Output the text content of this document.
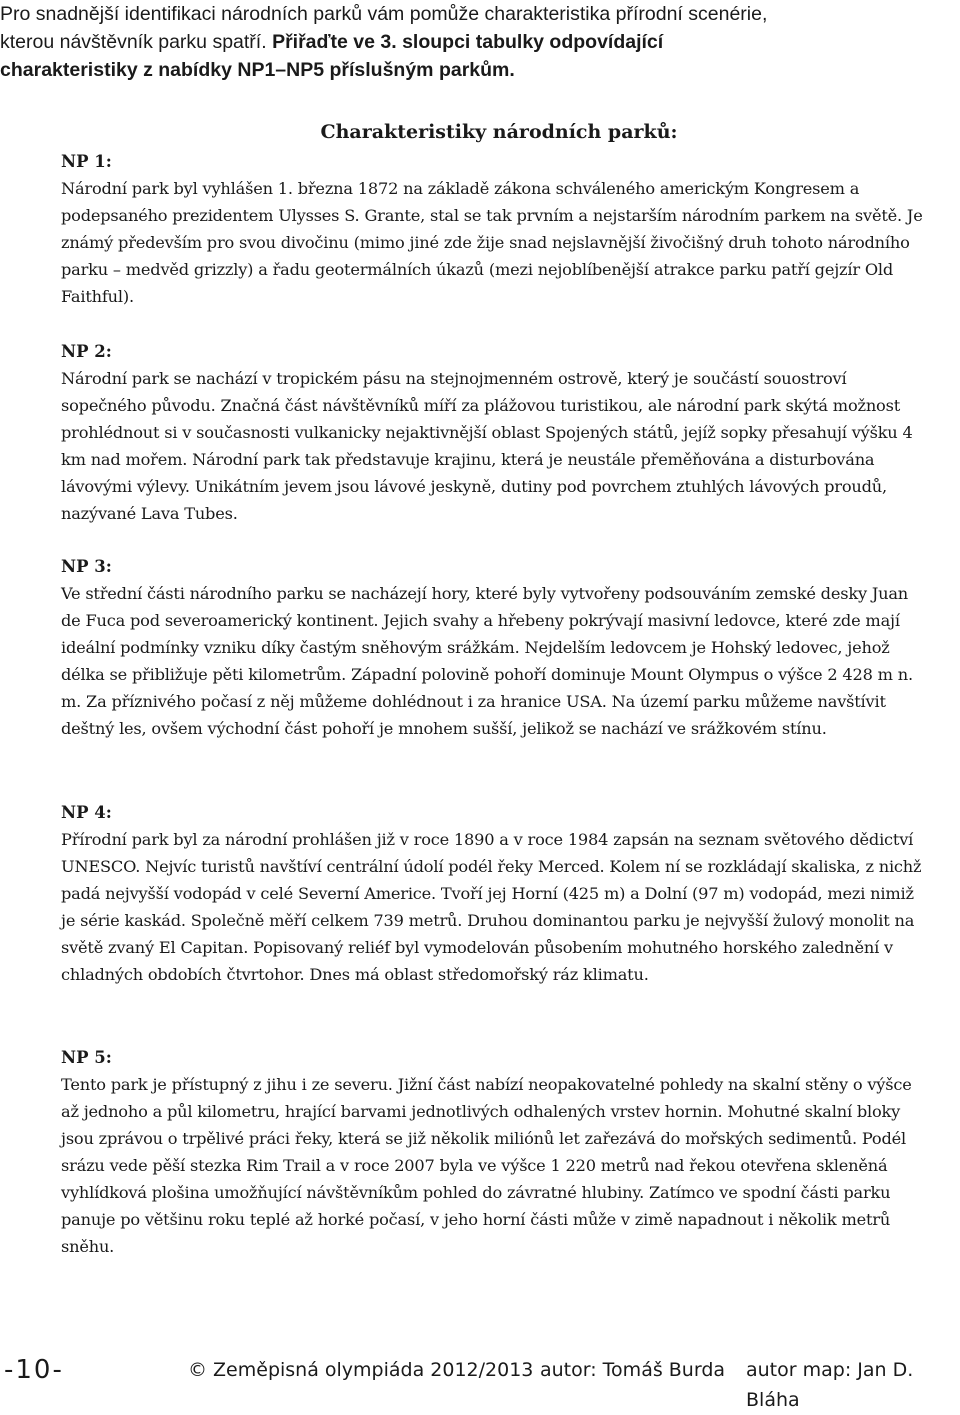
Pro snadnější identifikaci národních parků vám pomůže charakteristika přírodní scenérie,
kterou návštěvník parku spatří. Přiřaďte ve 3. sloupci tabulky odpovídající
charakteristiky z nabídky NP1–NP5 příslušným parkům.
Charakteristiky národních parků:
NP 1:

Národní park byl vyhlášen 1. března 1872 na základě zákona schváleného americkým Kongresem a podepsaného prezidentem Ulysses S. Grante, stal se tak prvním a nejstarším národním parkem na světě. Je známý především pro svou divočinu (mimo jiné zde žije snad nejslavnější živočišný druh tohoto národního parku – medvěd grizzly) a řadu geotermálních úkazů (mezi nejoblíbenější atrakce parku patří gejzír Old Faithful).

NP 2:

Národní park se nachází v tropickém pásu na stejnojmenném ostrově, který je součástí souostroví sopečného původu. Značná část návštěvníků míří za plážovou turistikou, ale národní park skýtá možnost prohlédnout si v současnosti vulkanicky nejaktivnější oblast Spojených států, jejíž sopky přesahují výšku 4 km nad mořem. Národní park tak představuje krajinu, která je neustále přeměňována a disturbována lávovými výlevy. Unikátním jevem jsou lávové jeskyně, dutiny pod povrchem ztuhlých lávových proudů, nazývané Lava Tubes.

NP 3:

Ve střední části národního parku se nacházejí hory, které byly vytvořeny podsouváním zemské desky Juan de Fuca pod severoamerický kontinent. Jejich svahy a hřebeny pokrývají masivní ledovce, které zde mají ideální podmínky vzniku díky častým sněhovým srážkám. Nejdelším ledovcem je Hohský ledovec, jehož délka se přibližuje pěti kilometrům. Západní polovině pohoří dominuje Mount Olympus o výšce 2 428 m n. m. Za příznivého počasí z něj můžeme dohlédnout i za hranice USA. Na území parku můžeme navštívit deštný les, ovšem východní část pohoří je mnohem sušší, jelikož se nachází ve srážkovém stínu.

NP 4:

Přírodní park byl za národní prohlášen již v roce 1890 a v roce 1984 zapsán na seznam světového dědictví UNESCO. Nejvíc turistů navštíví centrální údolí podél řeky Merced. Kolem ní se rozkládají skaliska, z nichž padá nejvyšší vodopád v celé Severní Americe. Tvoří jej Horní (425 m) a Dolní (97 m) vodopád, mezi nimiž je série kaskád. Společně měří celkem 739 metrů. Druhou dominantou parku je nejvyšší žulový monolit na světě zvaný El Capitan. Popisovaný reliéf byl vymodelován působením mohutného horského zalednění v chladných obdobích čtvrtohor. Dnes má oblast středomořský ráz klimatu.

NP 5:

Tento park je přístupný z jihu i ze severu. Jižní část nabízí neopakovatelné pohledy na skalní stěny o výšce až jednoho a půl kilometru, hrající barvami jednotlivých odhalených vrstev hornin. Mohutné skalní bloky jsou zprávou o trpělivé práci řeky, která se již několik miliónů let zařezává do mořských sedimentů. Podél srázu vede pěší stezka Rim Trail a v roce 2007 byla ve výšce 1 220 metrů nad řekou otevřena skleněná vyhlídková plošina umožňující návštěvníkům pohled do závratné hlubiny. Zatímco ve spodní části parku panuje po většinu roku teplé až horké počasí, v jeho horní části může v zimě napadnout i několik metrů sněhu.

-10-	© Zeměpisná olympiáda 2012/2013 autor: Tomáš Burda autor map: Jan D. Bláha
